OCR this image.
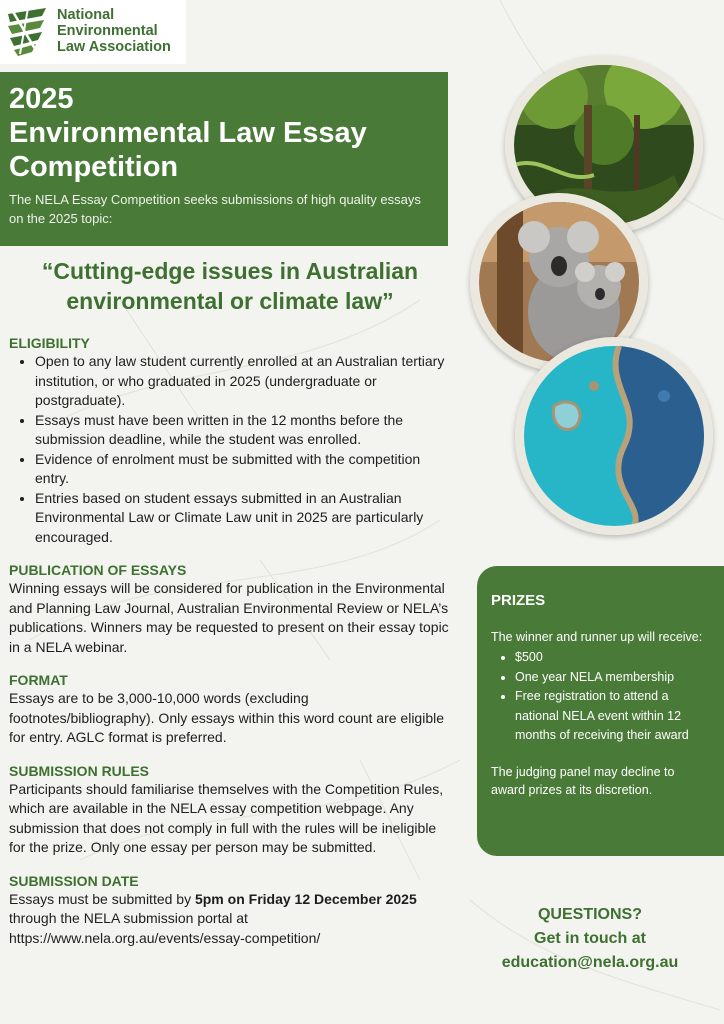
National
Environmental
Law Association
2025
Environmental Law Essay
Competition
The NELA Essay Competition seeks submissions of high quality essays on the 2025 topic:
“Cutting-edge issues in Australian
environmental or climate law”
ELIGIBILITY
• Open to any law student currently enrolled at an Australian tertiary institution, or who graduated in 2025 (undergraduate or postgraduate).
• Essays must have been written in the 12 months before the submission deadline, while the student was enrolled.
• Evidence of enrolment must be submitted with the competition entry.
• Entries based on student essays submitted in an Australian Environmental Law or Climate Law unit in 2025 are particularly encouraged.
PUBLICATION OF ESSAYS
Winning essays will be considered for publication in the Environmental and Planning Law Journal, Australian Environmental Review or NELA’s publications. Winners may be requested to present on their essay topic in a NELA webinar.
FORMAT
Essays are to be 3,000-10,000 words (excluding footnotes/bibliography). Only essays within this word count are eligible for entry. AGLC format is preferred.
SUBMISSION RULES
Participants should familiarise themselves with the Competition Rules, which are available in the NELA essay competition webpage. Any submission that does not comply in full with the rules will be ineligible for the prize. Only one essay per person may be submitted.
SUBMISSION DATE
Essays must be submitted by 5pm on Friday 12 December 2025 through the NELA submission portal at
https://www.nela.org.au/events/essay-competition/
PRIZES
The winner and runner up will receive:
• $500
• One year NELA membership
• Free registration to attend a national NELA event within 12 months of receiving their award
The judging panel may decline to award prizes at its discretion.
QUESTIONS?
Get in touch at
education@nela.org.au
